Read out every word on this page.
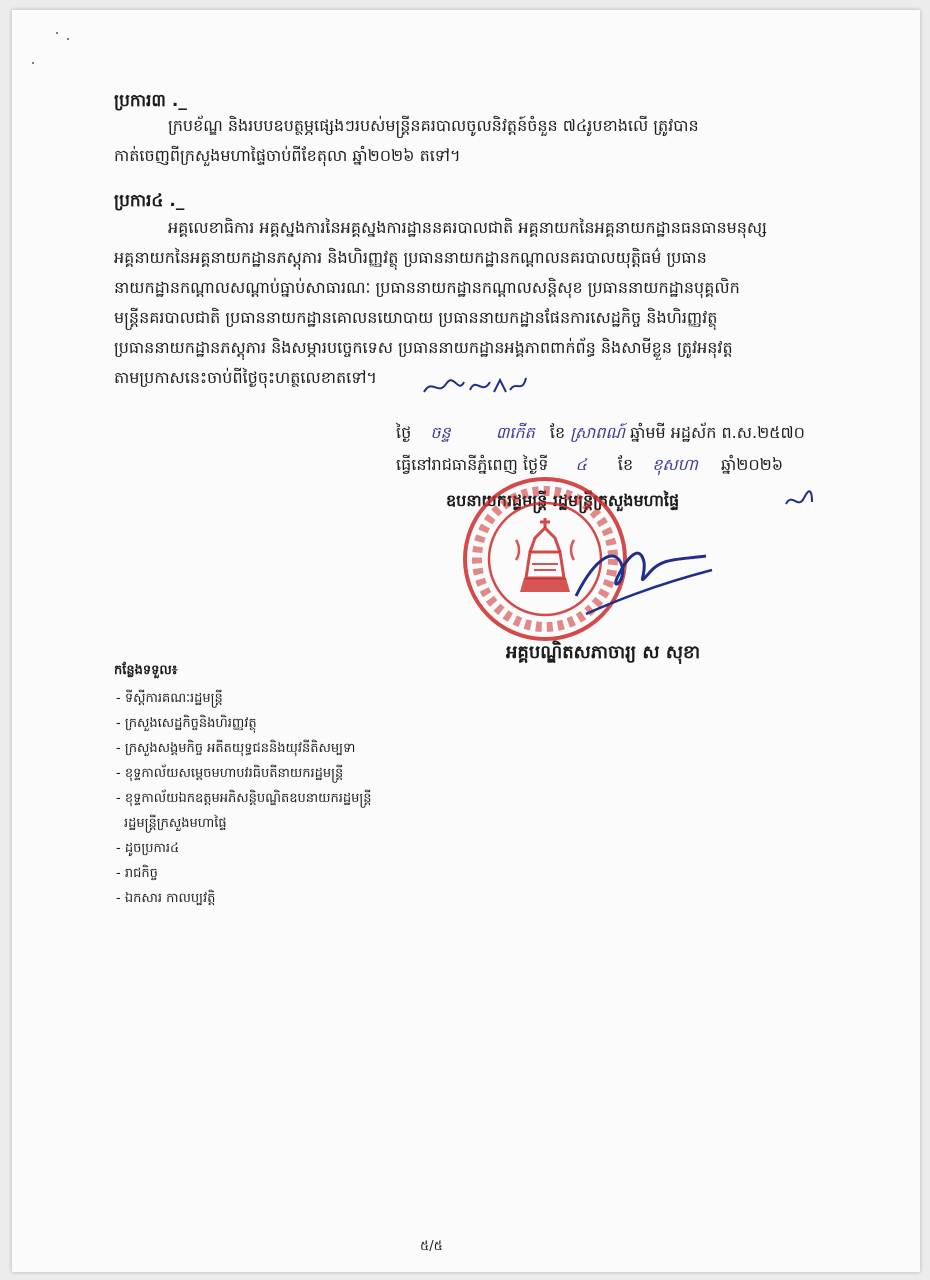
ប្រការ៣ ._
ក្របខ័ណ្ឌ និងរបបឧបត្ថម្ភផ្សេងៗរបស់មន្ត្រីនគរបាលចូលនិវត្តន៍ចំនួន ៧៤រូបខាងលើ ត្រូវបាន
កាត់ចេញពីក្រសួងមហាផ្ទៃចាប់ពីខែតុលា ឆ្នាំ២០២៦ តទៅ។
ប្រការ៤ ._
អគ្គលេខាធិការ អគ្គស្នងការនៃអគ្គស្នងការដ្ឋាននគរបាលជាតិ អគ្គនាយកនៃអគ្គនាយកដ្ឋានធនធានមនុស្ស
អគ្គនាយកនៃអគ្គនាយកដ្ឋានភស្តុភារ និងហិរញ្ញវត្ថុ ប្រធាននាយកដ្ឋានកណ្តាលនគរបាលយុត្តិធម៌ ប្រធាន
នាយកដ្ឋានកណ្តាលសណ្តាប់ធ្នាប់សាធារណៈ ប្រធាននាយកដ្ឋានកណ្តាលសន្តិសុខ ប្រធាននាយកដ្ឋានបុគ្គលិក
មន្ត្រីនគរបាលជាតិ ប្រធាននាយកដ្ឋានគោលនយោបាយ ប្រធាននាយកដ្ឋានផែនការសេដ្ឋកិច្ច និងហិរញ្ញវត្ថុ
ប្រធាននាយកដ្ឋានភស្តុភារ និងសម្ភារបច្ចេកទេស ប្រធាននាយកដ្ឋានអង្គភាពពាក់ព័ន្ធ និងសាមីខ្លួន ត្រូវអនុវត្ត
តាមប្រកាសនេះចាប់ពីថ្ងៃចុះហត្ថលេខាតទៅ។
ថ្ងៃ ចន្ទ	៣កើត ខែ ស្រាពណ៍ ឆ្នាំមមី អដ្ឋស័ក ព.ស.២៥៧០
ធ្វើនៅរាជធានីភ្នំពេញ ថ្ងៃទី ៤ ខែ ខុសហា ឆ្នាំ២០២៦
ឧបនាយករដ្ឋមន្ត្រី រដ្ឋមន្ត្រីក្រសួងមហាផ្ទៃ
អគ្គបណ្ឌិតសភាចារ្យ ស សុខា
កន្លែងទទួល៖
- ទីស្តីការគណៈរដ្ឋមន្ត្រី
- ក្រសួងសេដ្ឋកិច្ចនិងហិរញ្ញវត្ថុ
- ក្រសួងសង្គមកិច្ច អតីតយុទ្ធជននិងយុវនីតិសម្បទា
- ខុទ្ទកាល័យសម្តេចមហាបវរធិបតីនាយករដ្ឋមន្ត្រី
- ខុទ្ទកាល័យឯកឧត្តមអភិសន្តិបណ្ឌិតឧបនាយករដ្ឋមន្ត្រី
រដ្ឋមន្ត្រីក្រសួងមហាផ្ទៃ
- ដូចប្រការ៤
- រាជកិច្ច
- ឯកសារ កាលប្បវត្តិ
៥/៥
